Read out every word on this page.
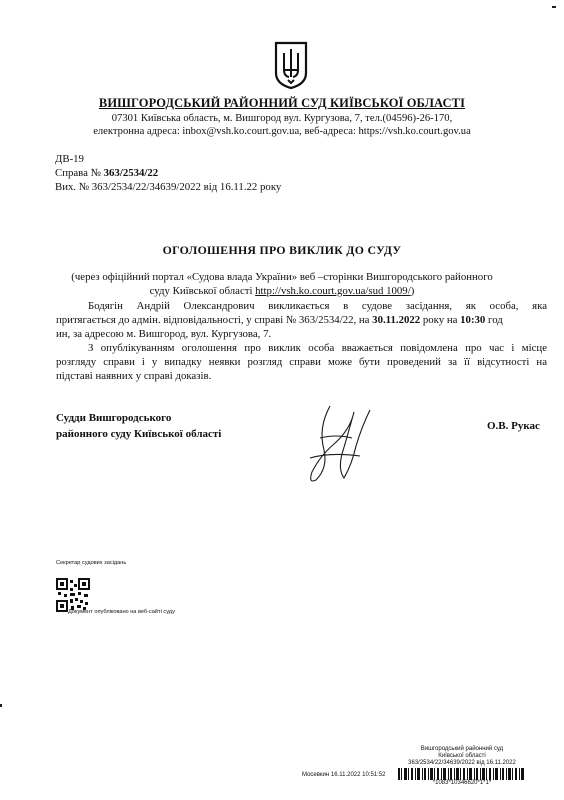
ВИШГОРОДСЬКИЙ РАЙОННИЙ СУД КИЇВСЬКОЇ ОБЛАСТІ
07301 Київська область, м. Вишгород вул. Кургузова, 7, тел.(04596)-26-170,
електронна адреса: inbox@vsh.ko.court.gov.ua, веб-адреса: https://vsh.ko.court.gov.ua
ДВ-19
Справа № 363/2534/22
Вих. № 363/2534/22/34639/2022 від 16.11.22 року
ОГОЛОШЕННЯ ПРО ВИКЛИК ДО СУДУ
(через офіційний портал «Судова влада України» веб –сторінки Вишгородського районного
суду Київської області http://vsh.ko.court.gov.ua/sud 1009/)
Бодягін Андрій Олександрович викликається в судове засідання, як особа, яка
притягається до адмін. відповідальності, у справі № 363/2534/22, на 30.11.2022 року на 10:30 год
ин, за адресою м. Вишгород, вул. Кургузова, 7.
З опублікуванням оголошення про виклик особа вважається повідомлена про час і місце
розгляду справи і у випадку неявки розгляд справи може бути проведений за її відсутності на
підставі наявних у справі доказів.
Судди Вишгородського
районного суду Київської області
О.В. Рукас
Секретар судових засідань
Документ опубліковано на веб-сайті суду
Вишгородський районний суд
Київської області
363/2534/22/34639/2022 від 16.11.2022
Мосевкин 16.11.2022 10:51:52
*1083*10346620*1*1*
